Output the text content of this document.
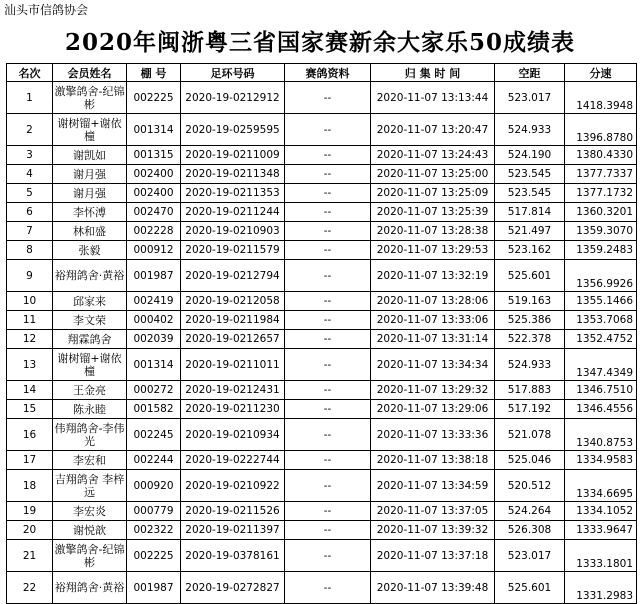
汕头市信鸽协会
2020年闽浙粤三省国家赛新余大家乐50成绩表
名次	会员姓名	棚 号	足环号码	赛鸽资料	归 集 时 间	空距	分速
1	激擎鸽舍-纪锦彬	002225	2020-19-0212912	--	2020-11-07 13:13:44	523.017	1418.3948
2	谢树镏+谢依橦	001314	2020-19-0259595	--	2020-11-07 13:20:47	524.933	1396.8780
3	谢凯如	001315	2020-19-0211009	--	2020-11-07 13:24:43	524.190	1380.4330
4	谢月强	002400	2020-19-0211348	--	2020-11-07 13:25:00	523.545	1377.7337
5	谢月强	002400	2020-19-0211353	--	2020-11-07 13:25:09	523.545	1377.1732
6	李怀溥	002470	2020-19-0211244	--	2020-11-07 13:25:39	517.814	1360.3201
7	林和盛	002228	2020-19-0210903	--	2020-11-07 13:28:38	521.497	1359.3070
8	张毅	000912	2020-19-0211579	--	2020-11-07 13:29:53	523.162	1359.2483
9	裕翔鸽舍·黄裕	001987	2020-19-0212794	--	2020-11-07 13:32:19	525.601	1356.9926
10	邱家来	002419	2020-19-0212058	--	2020-11-07 13:28:06	519.163	1355.1466
11	李文荣	000402	2020-19-0211984	--	2020-11-07 13:33:06	525.386	1353.7068
12	翔霖鸽舍	002039	2020-19-0212657	--	2020-11-07 13:31:14	522.378	1352.4752
13	谢树镏+谢依橦	001314	2020-19-0211011	--	2020-11-07 13:34:34	524.933	1347.4349
14	王金亮	000272	2020-19-0212431	--	2020-11-07 13:29:32	517.883	1346.7510
15	陈永睦	001582	2020-19-0211230	--	2020-11-07 13:29:06	517.192	1346.4556
16	伟翔鸽舍-李伟光	002245	2020-19-0210934	--	2020-11-07 13:33:36	521.078	1340.8753
17	李宏和	002244	2020-19-0222744	--	2020-11-07 13:38:18	525.046	1334.9583
18	吉翔鸽舍 李梓远	000920	2020-19-0210922	--	2020-11-07 13:34:59	520.512	1334.6695
19	李宏炎	000779	2020-19-0211526	--	2020-11-07 13:37:05	524.264	1334.1052
20	谢悦歆	002322	2020-19-0211397	--	2020-11-07 13:39:32	526.308	1333.9647
21	激擎鸽舍-纪锦彬	002225	2020-19-0378161	--	2020-11-07 13:37:18	523.017	1333.1801
22	裕翔鸽舍·黄裕	001987	2020-19-0272827	--	2020-11-07 13:39:48	525.601	1331.2983
